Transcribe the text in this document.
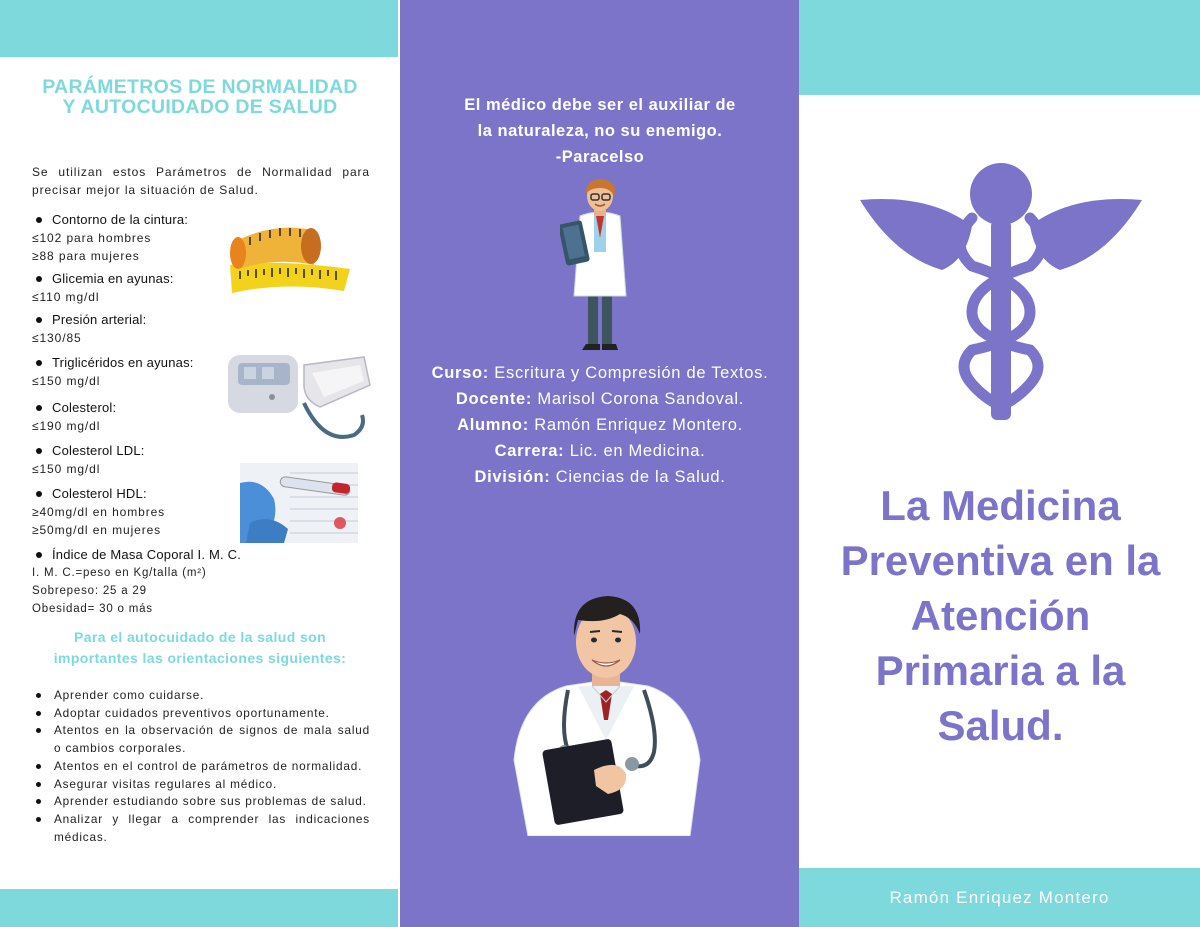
PARÁMETROS DE NORMALIDAD Y AUTOCUIDADO DE SALUD
Se utilizan estos Parámetros de Normalidad para precisar mejor la situación de Salud.
Contorno de la cintura:
≤102 para hombres
≥88 para mujeres
Glicemia en ayunas:
≤110 mg/dl
Presión arterial:
≤130/85
Triglicéridos en ayunas:
≤150 mg/dl
Colesterol:
≤190 mg/dl
Colesterol LDL:
≤150 mg/dl
Colesterol HDL:
≥40mg/dl en hombres
≥50mg/dl en mujeres
Índice de Masa Coporal I. M. C.
I. M. C.=peso en Kg/talla (m²)
Sobrepeso: 25 a 29
Obesidad= 30 o más
Para el autocuidado de la salud son importantes las orientaciones siguientes:
Aprender como cuidarse.
Adoptar cuidados preventivos oportunamente.
Atentos en la observación de signos de mala salud o cambios corporales.
Atentos en el control de parámetros de normalidad.
Asegurar visitas regulares al médico.
Aprender estudiando sobre sus problemas de salud.
Analizar y llegar a comprender las indicaciones médicas.
El médico debe ser el auxiliar de
la naturaleza, no su enemigo.
-Paracelso
Curso: Escritura y Compresión de Textos.
Docente: Marisol Corona Sandoval.
Alumno: Ramón Enriquez Montero.
Carrera: Lic. en Medicina.
División: Ciencias de la Salud.
La Medicina Preventiva en la Atención Primaria a la Salud.
Ramón Enriquez Montero
